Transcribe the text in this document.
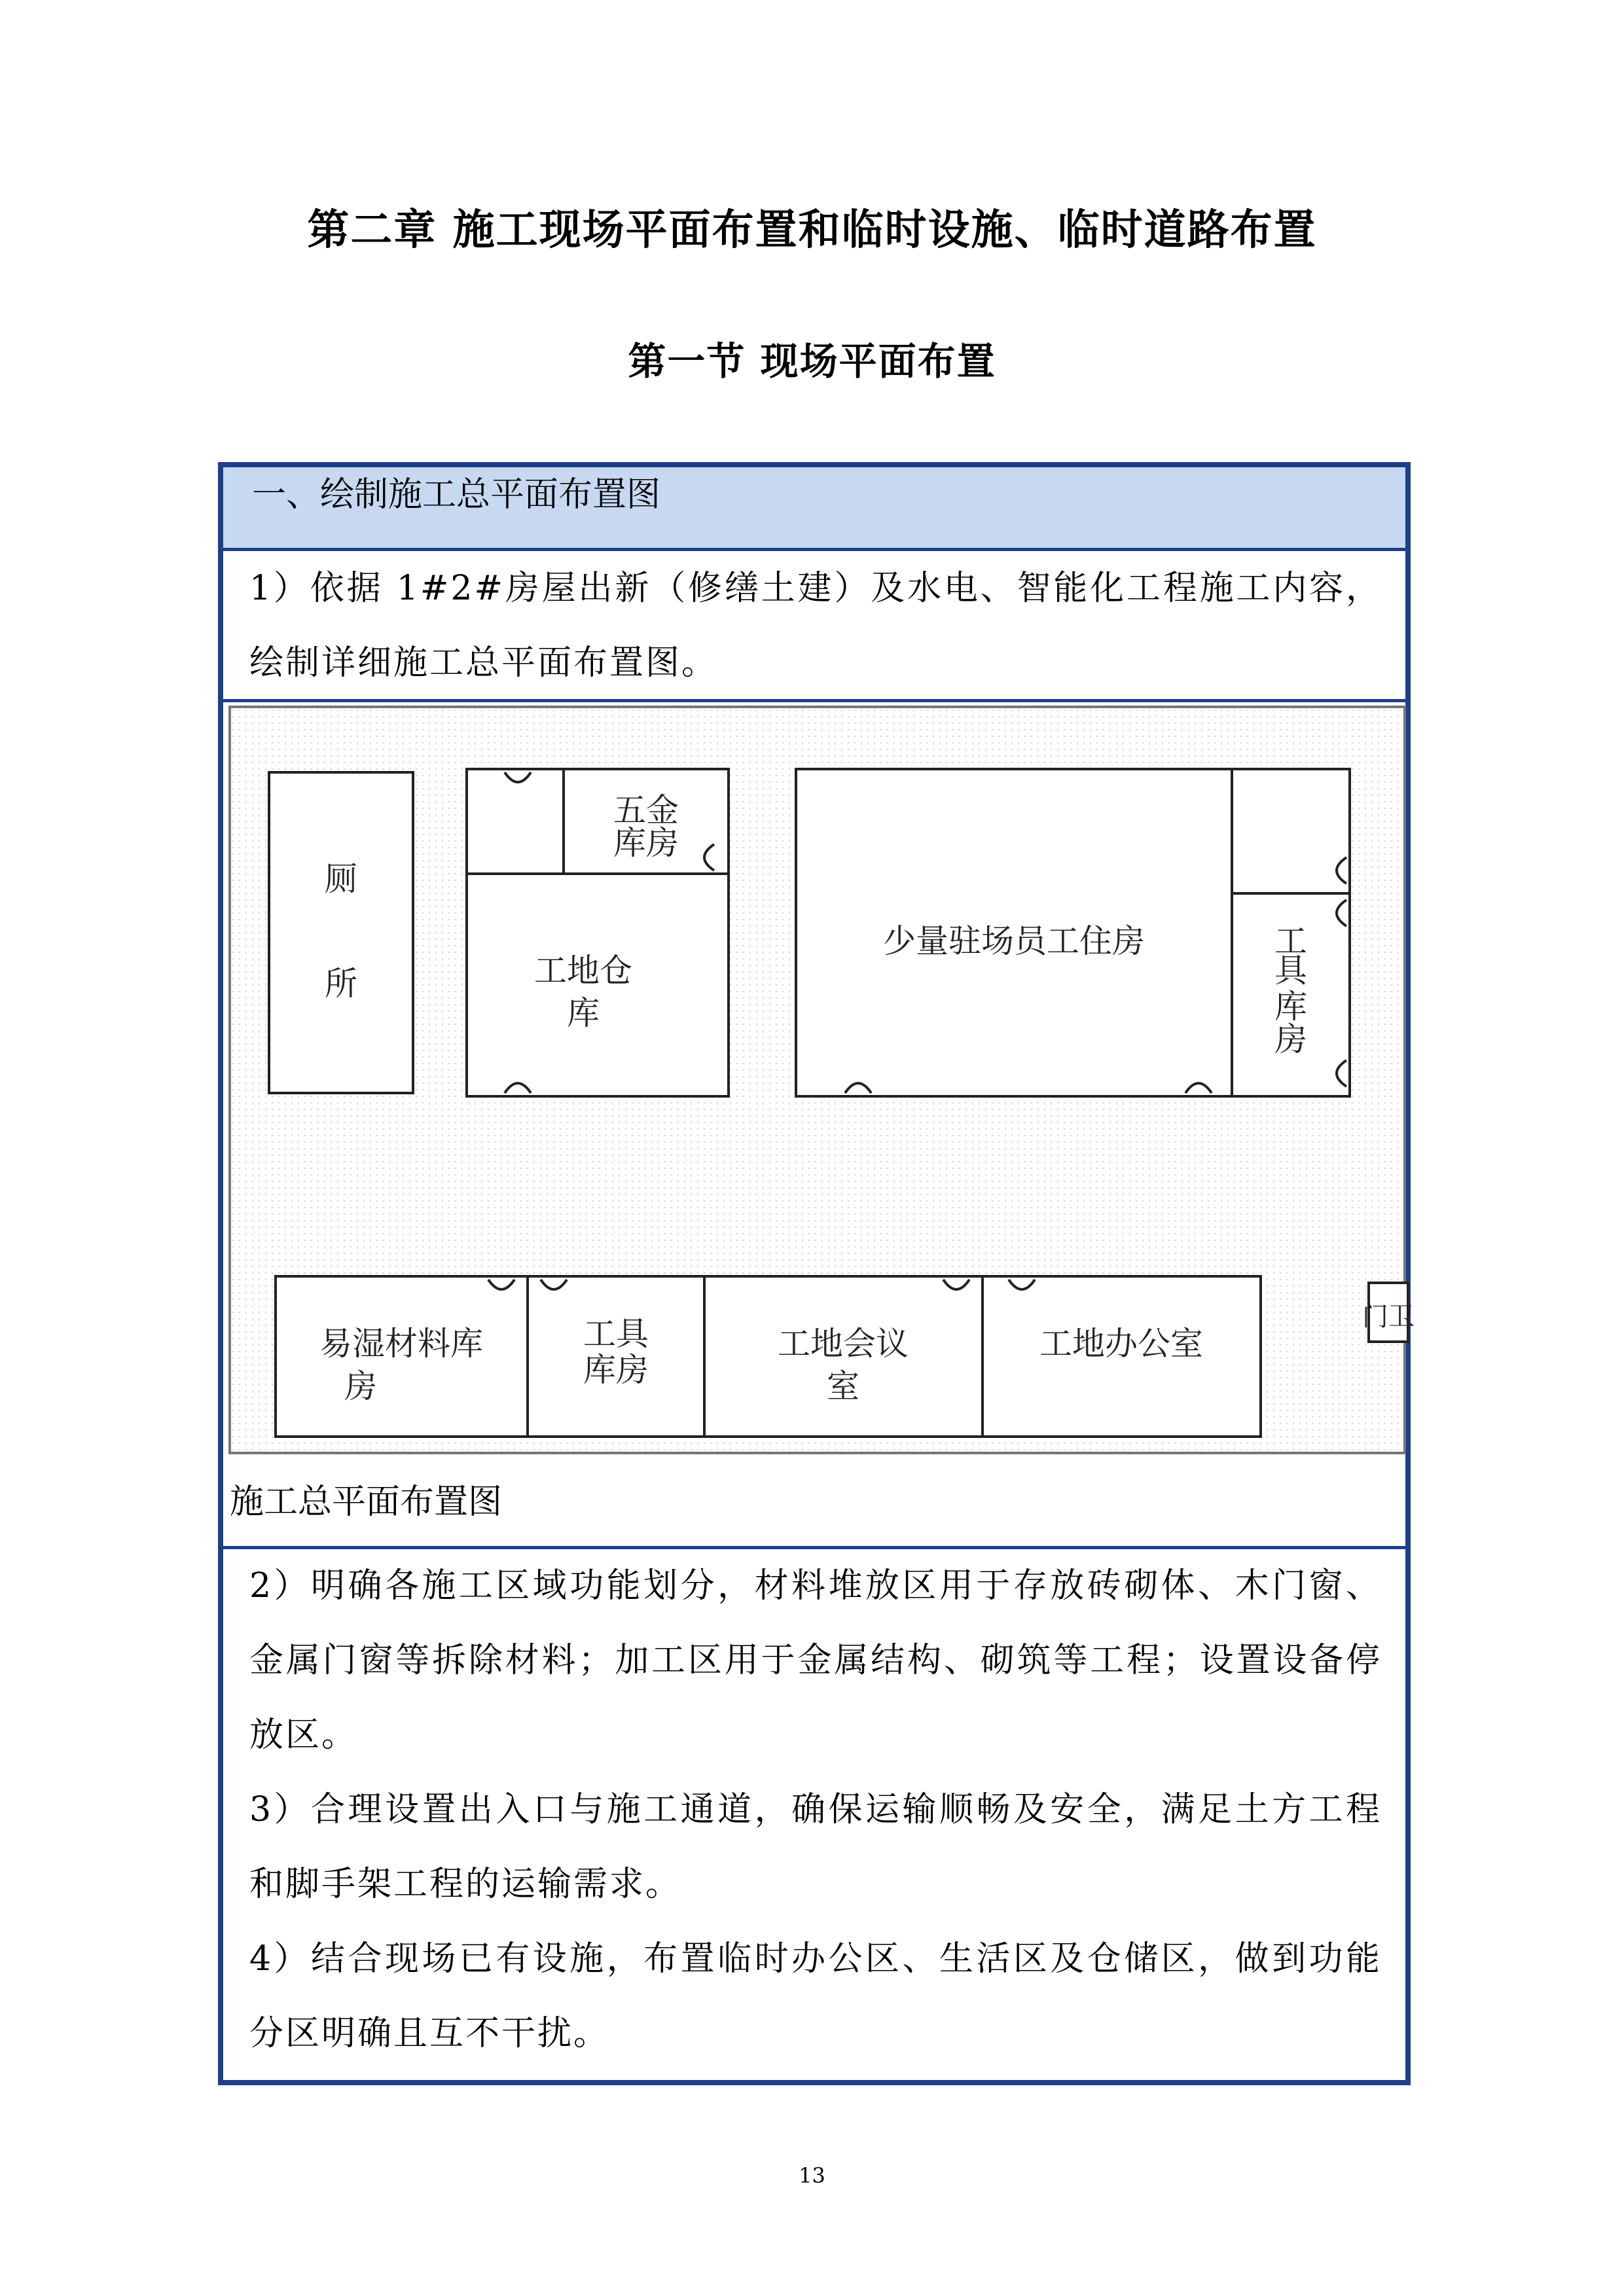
第二章 施工现场平面布置和临时设施、临时道路布置
第一节 现场平面布置
一、绘制施工总平面布置图
1）依据 1#2#房屋出新（修缮土建）及水电、智能化工程施工内容，绘制详细施工总平面布置图。
厕
所
五金
库房
工地仓
库
少量驻场员工住房	工
具
库
房
易湿材料库
房
工具
库房
工地会议
室
工地办公室
门卫
施工总平面布置图
2）明确各施工区域功能划分，材料堆放区用于存放砖砌体、木门窗、金属门窗等拆除材料；加工区用于金属结构、砌筑等工程；设置设备停放区。
3）合理设置出入口与施工通道，确保运输顺畅及安全，满足土方工程和脚手架工程的运输需求。
4）结合现场已有设施，布置临时办公区、生活区及仓储区，做到功能分区明确且互不干扰。
13
